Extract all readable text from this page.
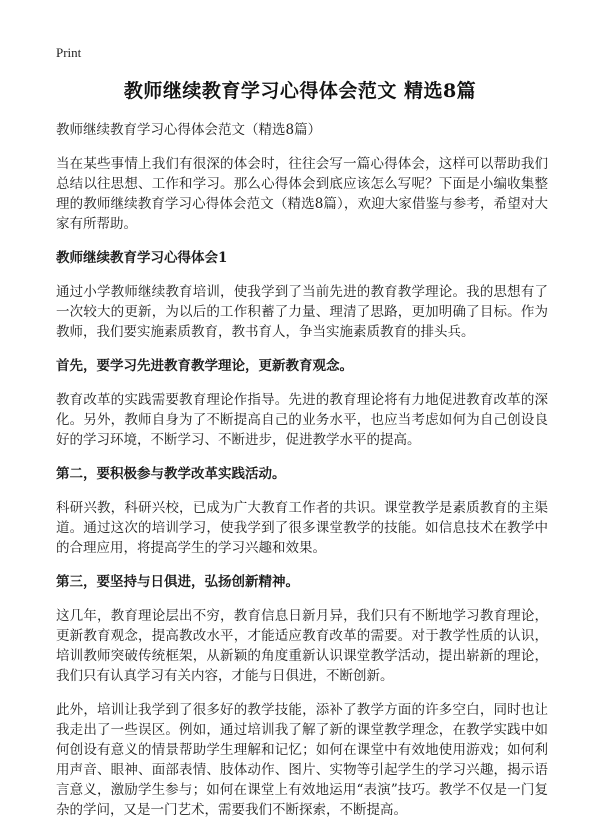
Print
教师继续教育学习心得体会范文 精选8篇
教师继续教育学习心得体会范文（精选8篇）

当在某些事情上我们有很深的体会时，往往会写一篇心得体会，这样可以帮助我们总结以往思想、工作和学习。那么心得体会到底应该怎么写呢？下面是小编收集整理的教师继续教育学习心得体会范文（精选8篇），欢迎大家借鉴与参考，希望对大家有所帮助。

教师继续教育学习心得体会1

通过小学教师继续教育培训，使我学到了当前先进的教育教学理论。我的思想有了一次较大的更新，为以后的工作积蓄了力量、理清了思路，更加明确了目标。作为教师，我们要实施素质教育，教书育人，争当实施素质教育的排头兵。

首先，要学习先进教育教学理论，更新教育观念。

教育改革的实践需要教育理论作指导。先进的教育理论将有力地促进教育改革的深化。另外，教师自身为了不断提高自己的业务水平，也应当考虑如何为自己创设良好的学习环境，不断学习、不断进步，促进教学水平的提高。

第二，要积极参与教学改革实践活动。

科研兴教，科研兴校，已成为广大教育工作者的共识。课堂教学是素质教育的主渠道。通过这次的培训学习，使我学到了很多课堂教学的技能。如信息技术在教学中的合理应用，将提高学生的学习兴趣和效果。

第三，要坚持与日俱进，弘扬创新精神。

这几年，教育理论层出不穷，教育信息日新月异，我们只有不断地学习教育理论，更新教育观念，提高教改水平，才能适应教育改革的需要。对于教学性质的认识，培训教师突破传统框架，从新颖的角度重新认识课堂教学活动，提出崭新的理论，我们只有认真学习有关内容，才能与日俱进，不断创新。

此外，培训让我学到了很多好的教学技能，添补了教学方面的许多空白，同时也让我走出了一些误区。例如，通过培训我了解了新的课堂教学理念，在教学实践中如何创设有意义的情景帮助学生理解和记忆；如何在课堂中有效地使用游戏；如何利用声音、眼神、面部表情、肢体动作、图片、实物等引起学生的学习兴趣，揭示语言意义，激励学生参与；如何在课堂上有效地运用“表演”技巧。教学不仅是一门复杂的学问，又是一门艺术，需要我们不断探索，不断提高。
